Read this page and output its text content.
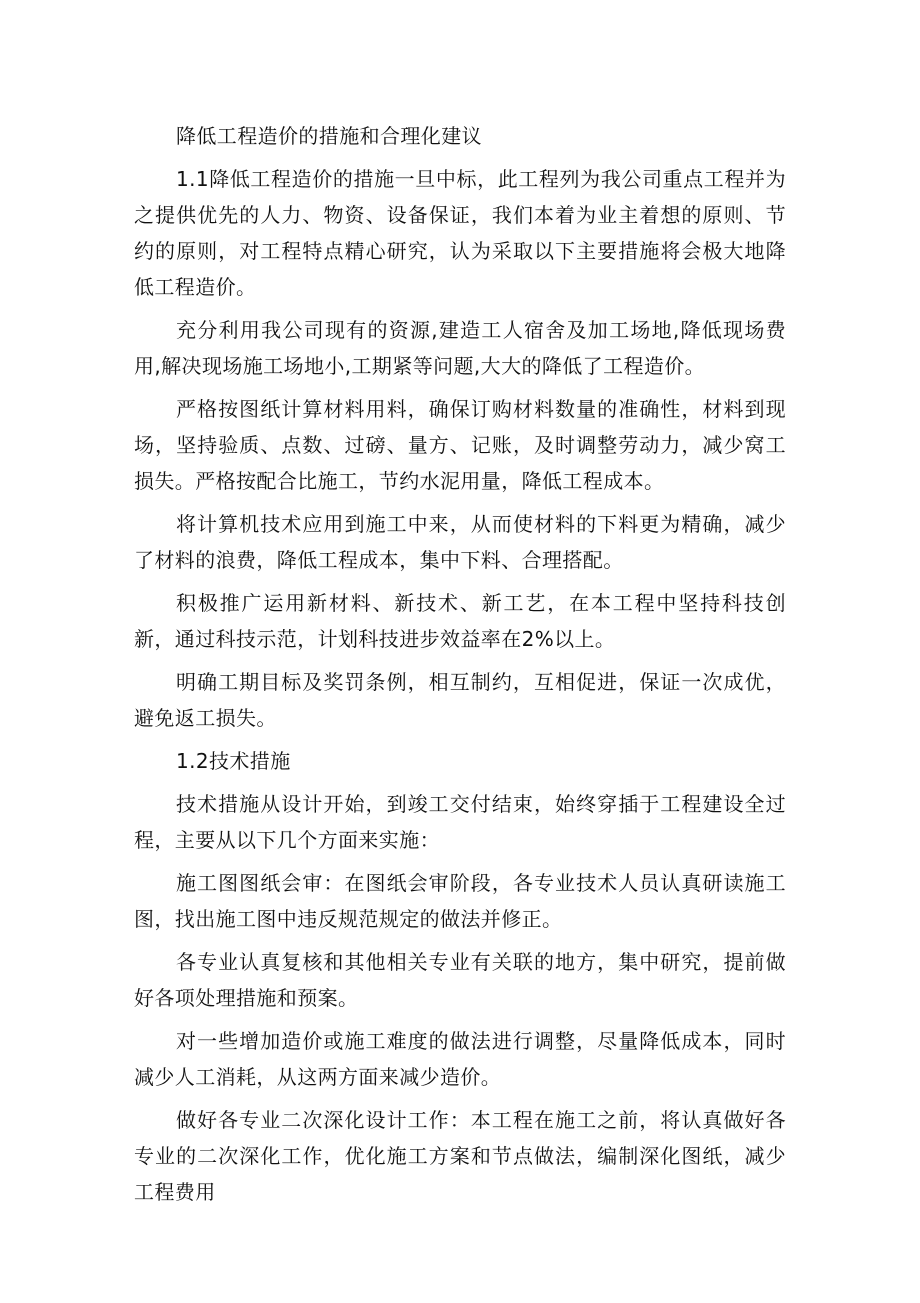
降低工程造价的措施和合理化建议

1.1降低工程造价的措施一旦中标，此工程列为我公司重点工程并为之提供优先的人力、物资、设备保证，我们本着为业主着想的原则、节约的原则，对工程特点精心研究，认为采取以下主要措施将会极大地降低工程造价。

充分利用我公司现有的资源,建造工人宿舍及加工场地,降低现场费用,解决现场施工场地小,工期紧等问题,大大的降低了工程造价。

严格按图纸计算材料用料，确保订购材料数量的准确性，材料到现场，坚持验质、点数、过磅、量方、记账，及时调整劳动力，减少窝工损失。严格按配合比施工，节约水泥用量，降低工程成本。

将计算机技术应用到施工中来，从而使材料的下料更为精确，减少了材料的浪费，降低工程成本，集中下料、合理搭配。

积极推广运用新材料、新技术、新工艺，在本工程中坚持科技创新，通过科技示范，计划科技进步效益率在2%以上。

明确工期目标及奖罚条例，相互制约，互相促进，保证一次成优，避免返工损失。

1.2技术措施

技术措施从设计开始，到竣工交付结束，始终穿插于工程建设全过程，主要从以下几个方面来实施：

施工图图纸会审：在图纸会审阶段，各专业技术人员认真研读施工图，找出施工图中违反规范规定的做法并修正。

各专业认真复核和其他相关专业有关联的地方，集中研究，提前做好各项处理措施和预案。

对一些增加造价或施工难度的做法进行调整，尽量降低成本，同时减少人工消耗，从这两方面来减少造价。

做好各专业二次深化设计工作：本工程在施工之前，将认真做好各专业的二次深化工作，优化施工方案和节点做法，编制深化图纸，减少工程费用
